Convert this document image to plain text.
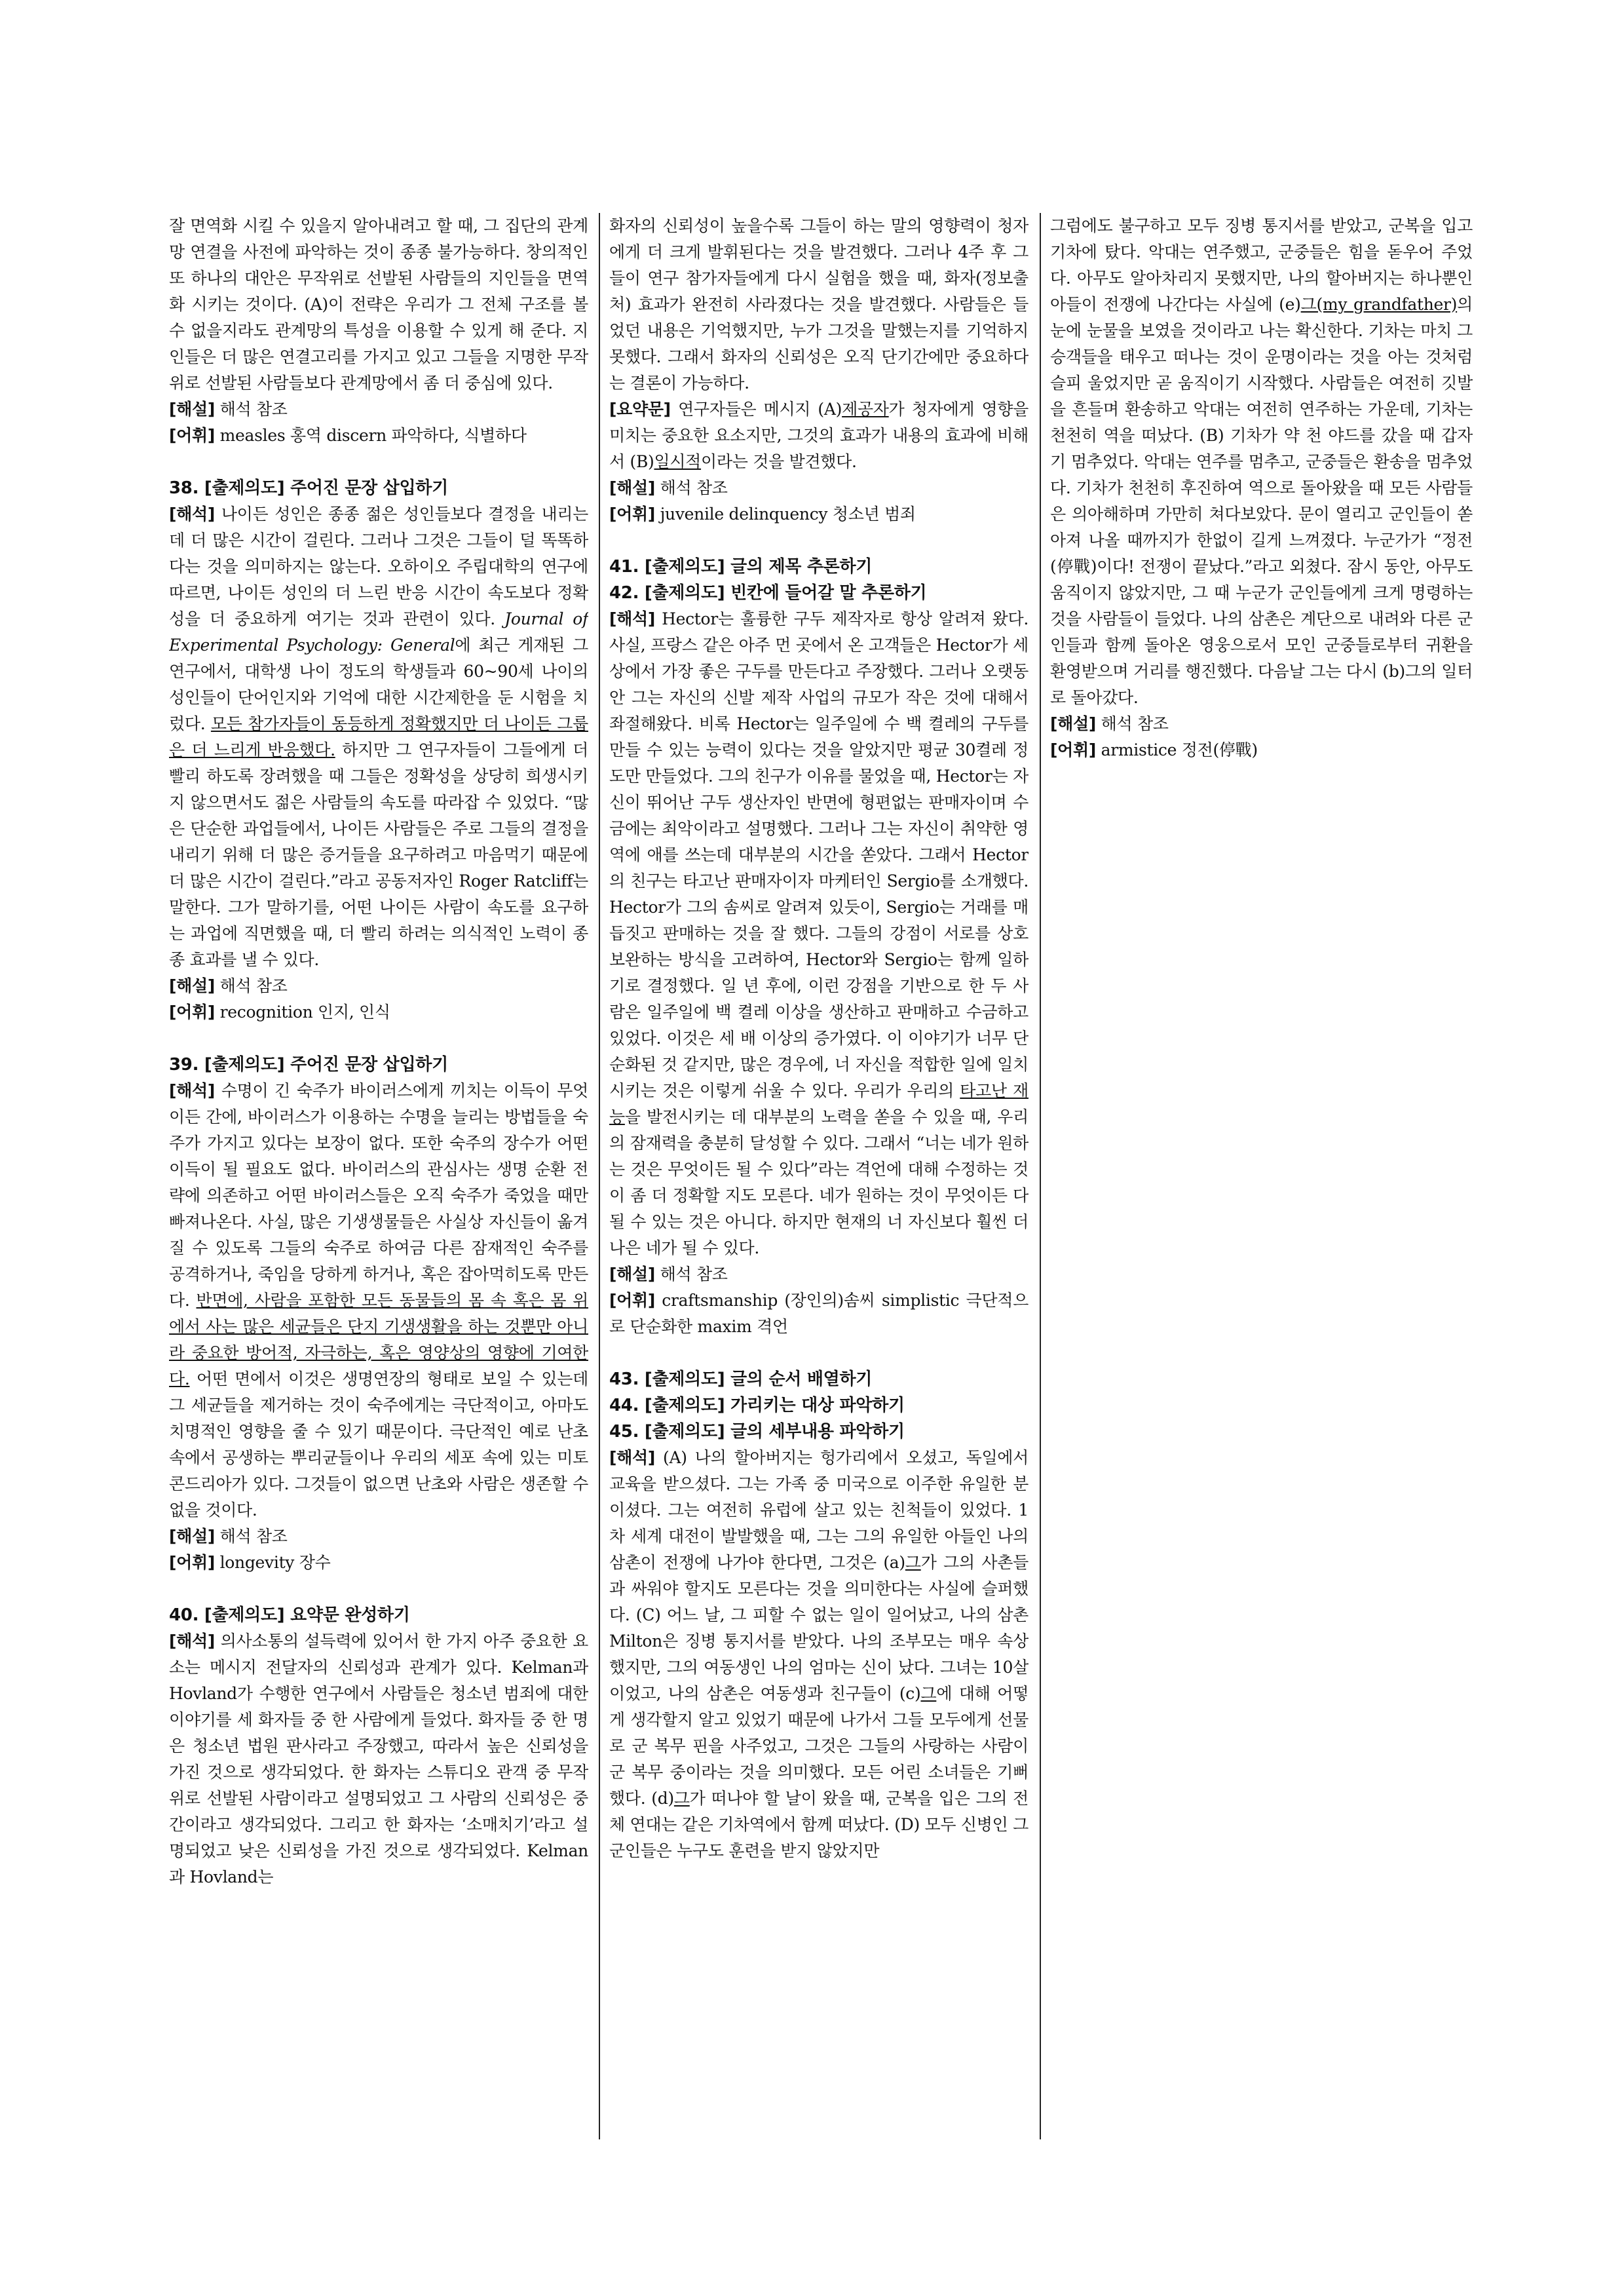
잘 면역화 시킬 수 있을지 알아내려고 할 때, 그 집단의 관계망 연결을 사전에 파악하는 것이 종종 불가능하다. 창의적인 또 하나의 대안은 무작위로 선발된 사람들의 지인들을 면역화 시키는 것이다. (A)이 전략은 우리가 그 전체 구조를 볼 수 없을지라도 관계망의 특성을 이용할 수 있게 해 준다. 지인들은 더 많은 연결고리를 가지고 있고 그들을 지명한 무작위로 선발된 사람들보다 관계망에서 좀 더 중심에 있다.

[해설] 해석 참조

[어휘] measles 홍역 discern 파악하다, 식별하다

38. [출제의도] 주어진 문장 삽입하기

[해석] 나이든 성인은 종종 젊은 성인들보다 결정을 내리는 데 더 많은 시간이 걸린다. 그러나 그것은 그들이 덜 똑똑하다는 것을 의미하지는 않는다. 오하이오 주립대학의 연구에 따르면, 나이든 성인의 더 느린 반응 시간이 속도보다 정확성을 더 중요하게 여기는 것과 관련이 있다. Journal of Experimental Psychology: General에 최근 게재된 그 연구에서, 대학생 나이 정도의 학생들과 60~90세 나이의 성인들이 단어인지와 기억에 대한 시간제한을 둔 시험을 치렀다. 모든 참가자들이 동등하게 정확했지만 더 나이든 그룹은 더 느리게 반응했다. 하지만 그 연구자들이 그들에게 더 빨리 하도록 장려했을 때 그들은 정확성을 상당히 희생시키지 않으면서도 젊은 사람들의 속도를 따라잡 수 있었다. “많은 단순한 과업들에서, 나이든 사람들은 주로 그들의 결정을 내리기 위해 더 많은 증거들을 요구하려고 마음먹기 때문에 더 많은 시간이 걸린다.”라고 공동저자인 Roger Ratcliff는 말한다. 그가 말하기를, 어떤 나이든 사람이 속도를 요구하는 과업에 직면했을 때, 더 빨리 하려는 의식적인 노력이 종종 효과를 낼 수 있다.

[해설] 해석 참조

[어휘] recognition 인지, 인식

39. [출제의도] 주어진 문장 삽입하기

[해석] 수명이 긴 숙주가 바이러스에게 끼치는 이득이 무엇이든 간에, 바이러스가 이용하는 수명을 늘리는 방법들을 숙주가 가지고 있다는 보장이 없다. 또한 숙주의 장수가 어떤 이득이 될 필요도 없다. 바이러스의 관심사는 생명 순환 전략에 의존하고 어떤 바이러스들은 오직 숙주가 죽었을 때만 빠져나온다. 사실, 많은 기생생물들은 사실상 자신들이 옮겨질 수 있도록 그들의 숙주로 하여금 다른 잠재적인 숙주를 공격하거나, 죽임을 당하게 하거나, 혹은 잡아먹히도록 만든다. 반면에, 사람을 포함한 모든 동물들의 몸 속 혹은 몸 위에서 사는 많은 세균들은 단지 기생생활을 하는 것뿐만 아니라 중요한 방어적, 자극하는, 혹은 영양상의 영향에 기여한다. 어떤 면에서 이것은 생명연장의 형태로 보일 수 있는데 그 세균들을 제거하는 것이 숙주에게는 극단적이고, 아마도 치명적인 영향을 줄 수 있기 때문이다. 극단적인 예로 난초 속에서 공생하는 뿌리균들이나 우리의 세포 속에 있는 미토콘드리아가 있다. 그것들이 없으면 난초와 사람은 생존할 수 없을 것이다.

[해설] 해석 참조

[어휘] longevity 장수

40. [출제의도] 요약문 완성하기

[해석] 의사소통의 설득력에 있어서 한 가지 아주 중요한 요소는 메시지 전달자의 신뢰성과 관계가 있다. Kelman과 Hovland가 수행한 연구에서 사람들은 청소년 범죄에 대한 이야기를 세 화자들 중 한 사람에게 들었다. 화자들 중 한 명은 청소년 법원 판사라고 주장했고, 따라서 높은 신뢰성을 가진 것으로 생각되었다. 한 화자는 스튜디오 관객 중 무작위로 선발된 사람이라고 설명되었고 그 사람의 신뢰성은 중간이라고 생각되었다. 그리고 한 화자는 ‘소매치기’라고 설명되었고 낮은 신뢰성을 가진 것으로 생각되었다. Kelman과 Hovland는

화자의 신뢰성이 높을수록 그들이 하는 말의 영향력이 청자에게 더 크게 발휘된다는 것을 발견했다. 그러나 4주 후 그들이 연구 참가자들에게 다시 실험을 했을 때, 화자(정보출처) 효과가 완전히 사라졌다는 것을 발견했다. 사람들은 들었던 내용은 기억했지만, 누가 그것을 말했는지를 기억하지 못했다. 그래서 화자의 신뢰성은 오직 단기간에만 중요하다는 결론이 가능하다.

[요약문] 연구자들은 메시지 (A)제공자가 청자에게 영향을 미치는 중요한 요소지만, 그것의 효과가 내용의 효과에 비해서 (B)일시적이라는 것을 발견했다.

[해설] 해석 참조

[어휘] juvenile delinquency 청소년 범죄

41. [출제의도] 글의 제목 추론하기
42. [출제의도] 빈칸에 들어갈 말 추론하기

[해석] Hector는 훌륭한 구두 제작자로 항상 알려져 왔다. 사실, 프랑스 같은 아주 먼 곳에서 온 고객들은 Hector가 세상에서 가장 좋은 구두를 만든다고 주장했다. 그러나 오랫동안 그는 자신의 신발 제작 사업의 규모가 작은 것에 대해서 좌절해왔다. 비록 Hector는 일주일에 수 백 켤레의 구두를 만들 수 있는 능력이 있다는 것을 알았지만 평균 30켤레 정도만 만들었다. 그의 친구가 이유를 물었을 때, Hector는 자신이 뛰어난 구두 생산자인 반면에 형편없는 판매자이며 수금에는 최악이라고 설명했다. 그러나 그는 자신이 취약한 영역에 애를 쓰는데 대부분의 시간을 쏟았다. 그래서 Hector의 친구는 타고난 판매자이자 마케터인 Sergio를 소개했다. Hector가 그의 솜씨로 알려져 있듯이, Sergio는 거래를 매듭짓고 판매하는 것을 잘 했다. 그들의 강점이 서로를 상호 보완하는 방식을 고려하여, Hector와 Sergio는 함께 일하기로 결정했다. 일 년 후에, 이런 강점을 기반으로 한 두 사람은 일주일에 백 켤레 이상을 생산하고 판매하고 수금하고 있었다. 이것은 세 배 이상의 증가였다. 이 이야기가 너무 단순화된 것 같지만, 많은 경우에, 너 자신을 적합한 일에 일치시키는 것은 이렇게 쉬울 수 있다. 우리가 우리의 타고난 재능을 발전시키는 데 대부분의 노력을 쏟을 수 있을 때, 우리의 잠재력을 충분히 달성할 수 있다. 그래서 “너는 네가 원하는 것은 무엇이든 될 수 있다”라는 격언에 대해 수정하는 것이 좀 더 정확할 지도 모른다. 네가 원하는 것이 무엇이든 다 될 수 있는 것은 아니다. 하지만 현재의 너 자신보다 훨씬 더 나은 네가 될 수 있다.

[해설] 해석 참조

[어휘] craftsmanship (장인의)솜씨 simplistic 극단적으로 단순화한 maxim 격언

43. [출제의도] 글의 순서 배열하기
44. [출제의도] 가리키는 대상 파악하기
45. [출제의도] 글의 세부내용 파악하기

[해석] (A) 나의 할아버지는 헝가리에서 오셨고, 독일에서 교육을 받으셨다. 그는 가족 중 미국으로 이주한 유일한 분이셨다. 그는 여전히 유럽에 살고 있는 친척들이 있었다. 1차 세계 대전이 발발했을 때, 그는 그의 유일한 아들인 나의 삼촌이 전쟁에 나가야 한다면, 그것은 (a)그가 그의 사촌들과 싸워야 할지도 모른다는 것을 의미한다는 사실에 슬퍼했다. (C) 어느 날, 그 피할 수 없는 일이 일어났고, 나의 삼촌 Milton은 징병 통지서를 받았다. 나의 조부모는 매우 속상했지만, 그의 여동생인 나의 엄마는 신이 났다. 그녀는 10살 이었고, 나의 삼촌은 여동생과 친구들이 (c)그에 대해 어떻게 생각할지 알고 있었기 때문에 나가서 그들 모두에게 선물로 군 복무 핀을 사주었고, 그것은 그들의 사랑하는 사람이 군 복무 중이라는 것을 의미했다. 모든 어린 소녀들은 기뻐했다. (d)그가 떠나야 할 날이 왔을 때, 군복을 입은 그의 전체 연대는 같은 기차역에서 함께 떠났다. (D) 모두 신병인 그 군인들은 누구도 훈련을 받지 않았지만

그럼에도 불구하고 모두 징병 통지서를 받았고, 군복을 입고 기차에 탔다. 악대는 연주했고, 군중들은 힘을 돋우어 주었다. 아무도 알아차리지 못했지만, 나의 할아버지는 하나뿐인 아들이 전쟁에 나간다는 사실에 (e)그(my grandfather)의 눈에 눈물을 보였을 것이라고 나는 확신한다. 기차는 마치 그 승객들을 태우고 떠나는 것이 운명이라는 것을 아는 것처럼 슬피 울었지만 곧 움직이기 시작했다. 사람들은 여전히 깃발을 흔들며 환송하고 악대는 여전히 연주하는 가운데, 기차는 천천히 역을 떠났다. (B) 기차가 약 천 야드를 갔을 때 갑자기 멈추었다. 악대는 연주를 멈추고, 군중들은 환송을 멈추었다. 기차가 천천히 후진하여 역으로 돌아왔을 때 모든 사람들은 의아해하며 가만히 쳐다보았다. 문이 열리고 군인들이 쏟아져 나올 때까지가 한없이 길게 느껴졌다. 누군가가 “정전(停戰)이다! 전쟁이 끝났다.”라고 외쳤다. 잠시 동안, 아무도 움직이지 않았지만, 그 때 누군가 군인들에게 크게 명령하는 것을 사람들이 들었다. 나의 삼촌은 계단으로 내려와 다른 군인들과 함께 돌아온 영웅으로서 모인 군중들로부터 귀환을 환영받으며 거리를 행진했다. 다음날 그는 다시 (b)그의 일터로 돌아갔다.

[해설] 해석 참조

[어휘] armistice 정전(停戰)
